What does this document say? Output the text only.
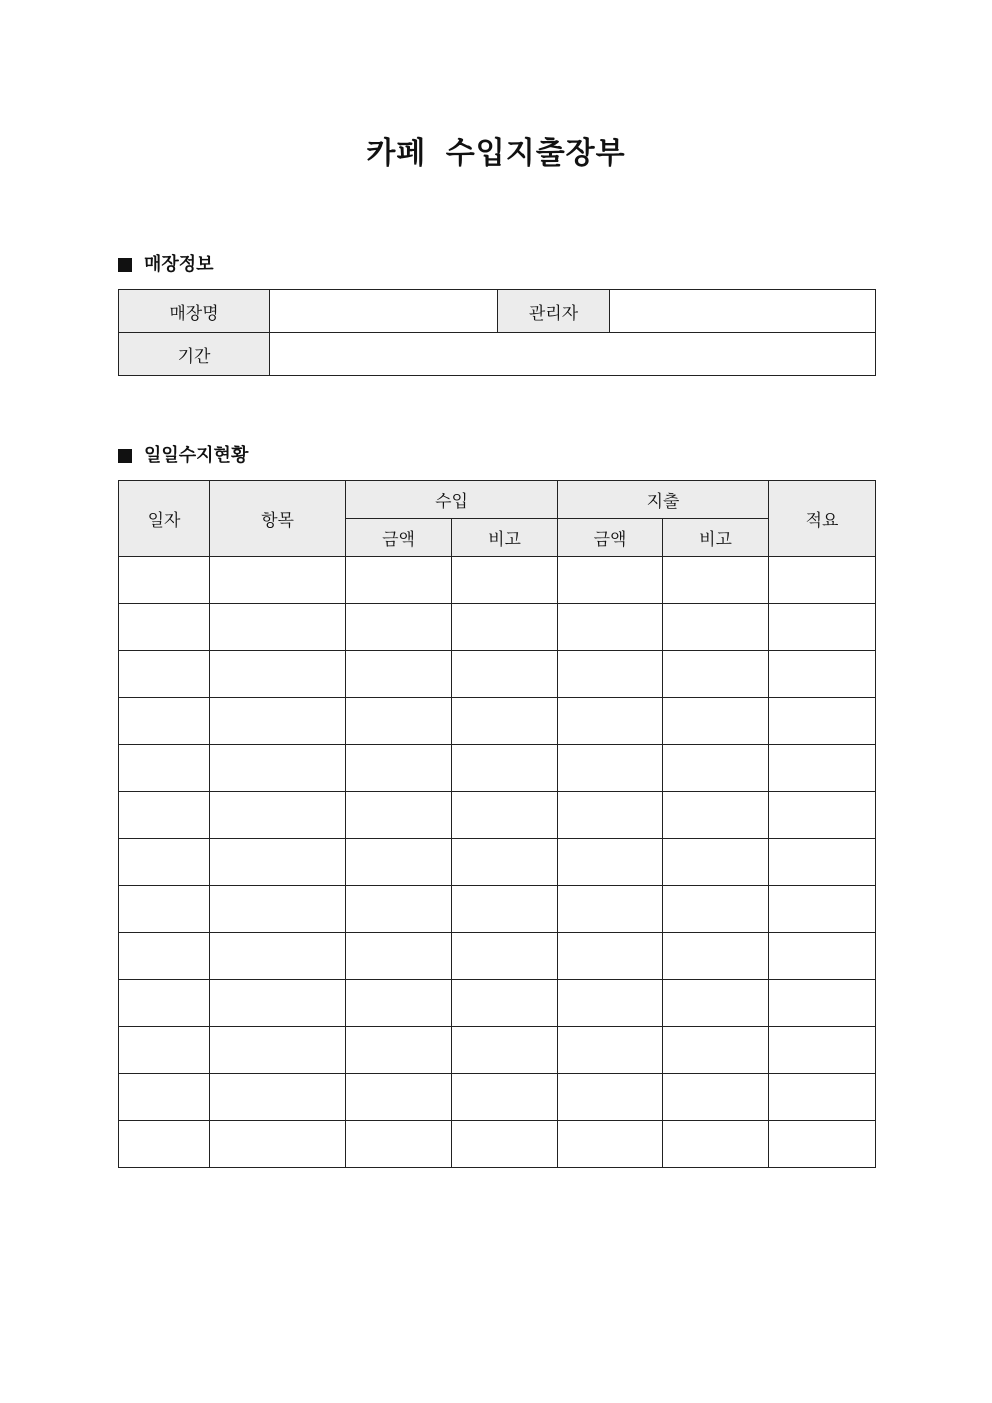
카페 수입지출장부
매장정보
매장명		관리자	
기간			
일일수지현황
일자	항목	수입		지출		적요
		금액	비고	금액	비고	
